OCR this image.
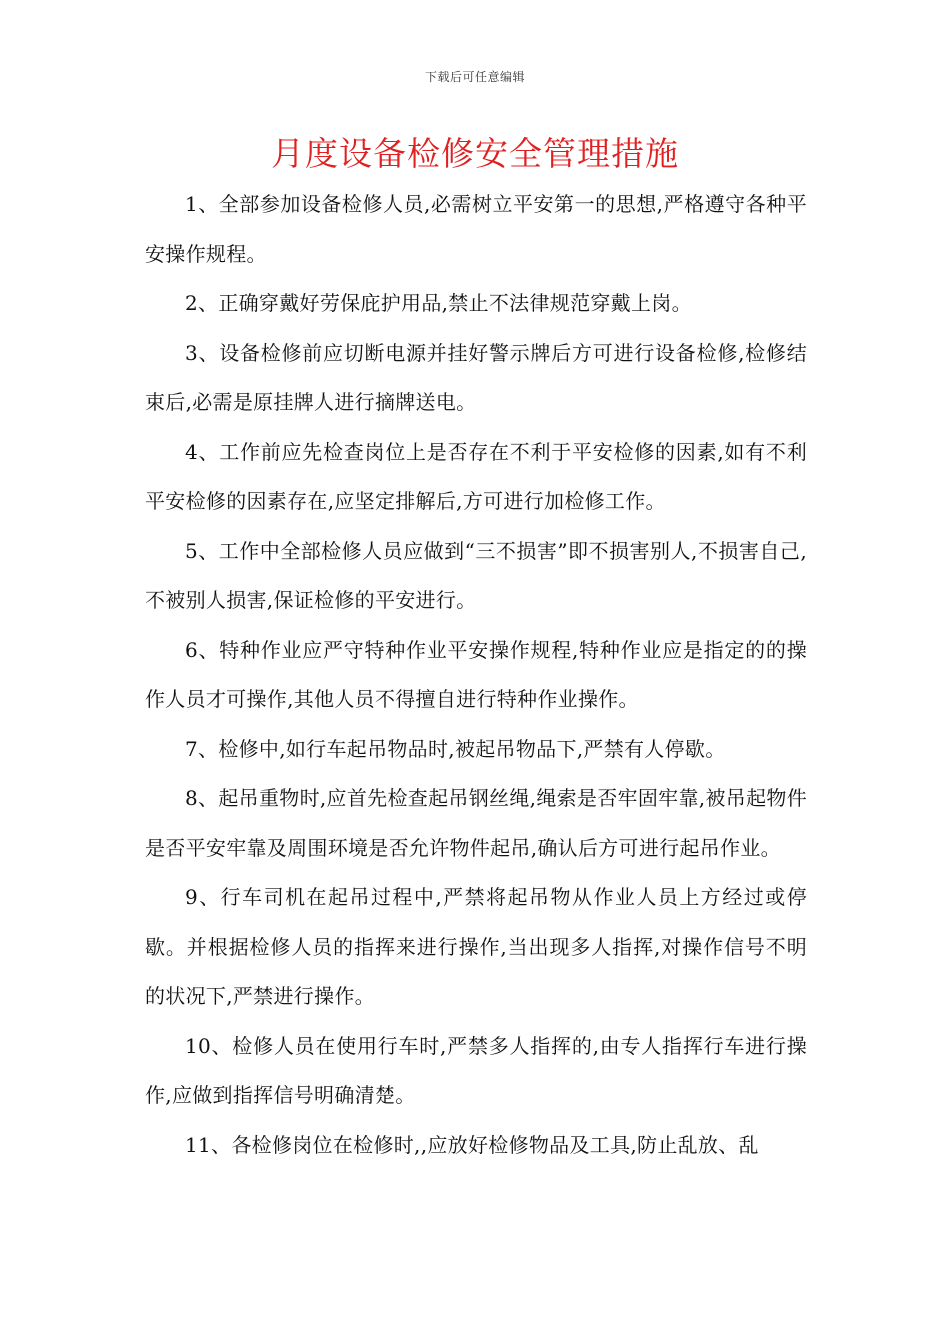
下载后可任意编辑
月度设备检修安全管理措施

1、全部参加设备检修人员,必需树立平安第一的思想,严格遵守各种平安操作规程。

2、正确穿戴好劳保庇护用品,禁止不法律规范穿戴上岗。

3、设备检修前应切断电源并挂好警示牌后方可进行设备检修,检修结束后,必需是原挂牌人进行摘牌送电。

4、工作前应先检查岗位上是否存在不利于平安检修的因素,如有不利平安检修的因素存在,应坚定排解后,方可进行加检修工作。

5、工作中全部检修人员应做到“三不损害”即不损害别人,不损害自己,不被别人损害,保证检修的平安进行。

6、特种作业应严守特种作业平安操作规程,特种作业应是指定的的操作人员才可操作,其他人员不得擅自进行特种作业操作。

7、检修中,如行车起吊物品时,被起吊物品下,严禁有人停歇。

8、起吊重物时,应首先检查起吊钢丝绳,绳索是否牢固牢靠,被吊起物件是否平安牢靠及周围环境是否允许物件起吊,确认后方可进行起吊作业。

9、行车司机在起吊过程中,严禁将起吊物从作业人员上方经过或停歇。并根据检修人员的指挥来进行操作,当出现多人指挥,对操作信号不明的状况下,严禁进行操作。

10、检修人员在使用行车时,严禁多人指挥的,由专人指挥行车进行操作,应做到指挥信号明确清楚。

11、各检修岗位在检修时,,应放好检修物品及工具,防止乱放、乱
